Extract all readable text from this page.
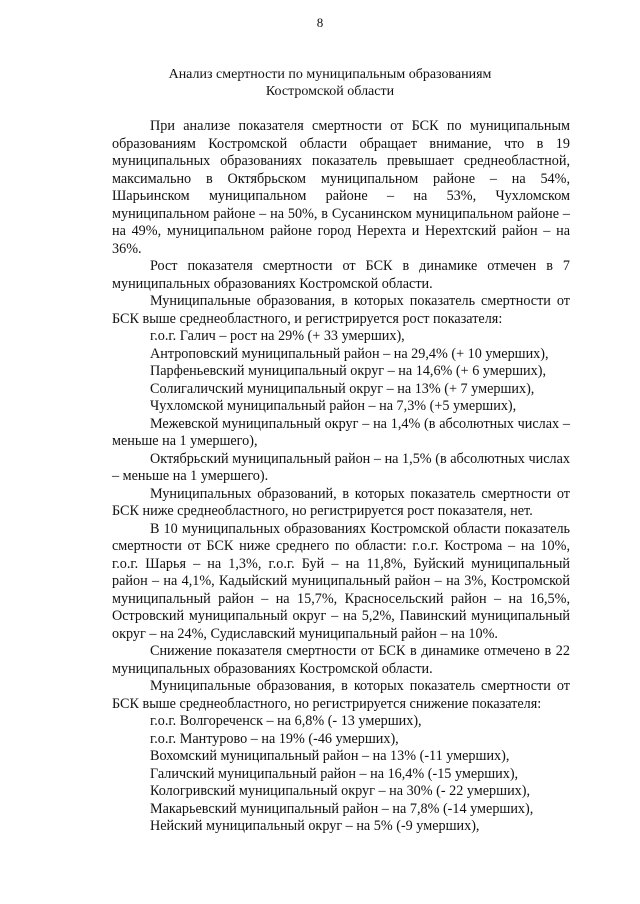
8
Анализ смертности по муниципальным образованиям
Костромской области

При анализе показателя смертности от БСК по муниципальным образованиям Костромской области обращает внимание, что в 19 муниципальных образованиях показатель превышает среднеобластной, максимально в Октябрьском муниципальном районе – на 54%, Шарьинском муниципальном районе – на 53%, Чухломском муниципальном районе – на 50%, в Сусанинском муниципальном районе – на 49%, муниципальном районе город Нерехта и Нерехтский район – на 36%.

Рост показателя смертности от БСК в динамике отмечен в 7 муниципальных образованиях Костромской области.

Муниципальные образования, в которых показатель смертности от БСК выше среднеобластного, и регистрируется рост показателя:

г.о.г. Галич – рост на 29% (+ 33 умерших),

Антроповский муниципальный район – на 29,4% (+ 10 умерших),

Парфеньевский муниципальный округ – на 14,6% (+ 6 умерших),

Солигаличский муниципальный округ – на 13% (+ 7 умерших),

Чухломской муниципальный район – на 7,3% (+5 умерших),

Межевской муниципальный округ – на 1,4% (в абсолютных числах – меньше на 1 умершего),

Октябрьский муниципальный район – на 1,5% (в абсолютных числах – меньше на 1 умершего).

Муниципальных образований, в которых показатель смертности от БСК ниже среднеобластного, но регистрируется рост показателя, нет.

В 10 муниципальных образованиях Костромской области показатель смертности от БСК ниже среднего по области: г.о.г. Кострома – на 10%, г.о.г. Шарья – на 1,3%, г.о.г. Буй – на 11,8%, Буйский муниципальный район – на 4,1%, Кадыйский муниципальный район – на 3%, Костромской муниципальный район – на 15,7%, Красносельский район – на 16,5%, Островский муниципальный округ – на 5,2%, Павинский муниципальный округ – на 24%, Судиславский муниципальный район – на 10%.

Снижение показателя смертности от БСК в динамике отмечено в 22 муниципальных образованиях Костромской области.

Муниципальные образования, в которых показатель смертности от БСК выше среднеобластного, но регистрируется снижение показателя:

г.о.г. Волгореченск – на 6,8% (- 13 умерших),

г.о.г. Мантурово – на 19% (-46 умерших),

Вохомский муниципальный район – на 13% (-11 умерших),

Галичский муниципальный район – на 16,4% (-15 умерших),

Кологривский муниципальный округ – на 30% (- 22 умерших),

Макарьевский муниципальный район – на 7,8% (-14 умерших),

Нейский муниципальный округ – на 5% (-9 умерших),
